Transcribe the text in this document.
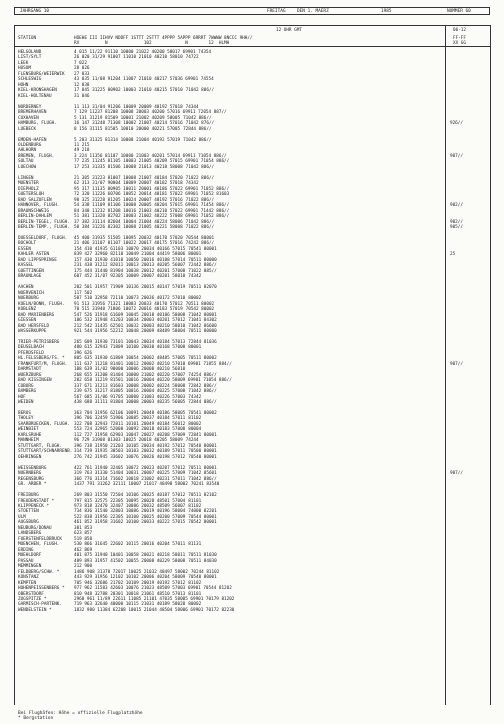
JAHRGANG 10	FREITAG	DEN 1. MAERZ	1985	NUMMER 60
12 UHR GMT	06-12
STATION	HOEHE III IIHVV NDDFF 1STTT 2STTT 4PPPP 5APPP 6RRRT 7WWWW 8NCCC 9HH//
RX          N              102             N        12  HLMH
FF-FF
XX GG
HELGOLAND	4 015 11/22 91110 10000 21022 40200 58017 69901 74354
LIST/SYLT	26 020 31/29 91007 11010 21010 40210 58010 74722
LEEK	7 022
HUSUM	28 026
FLENSBURG/WEIERWIK 27 033
SCHLESWIG	43 035 11/08 91204 11007 21010 40217 57036 69901 74554
HOHN	12 038
KIEL-KRONSHAGEN	17 045 31225 80902 10003 21010 40215 57010 71042 886//
KIEL-HOLTENAU	31 046
NORDERNEY	11 113 31/04 91206 10009 20009 40192 57018 74344
BREMERHAVEN	7 129 11237 81208 10008 20003 40200 57016 69911 72054 887//
CUXHAVEN	5 131 31219 81509 10001 21002 40209 58005 71042 886//
HAMBURG, FLUGH.	16 147 31248 71308 10002 21007 40214 57016 71042 876//	926//
LUEBECK	8 156 31115 81505 10010 20000 40221 57005 72844 886//
EMDEN-HAFEN	5 203 31325 81314 10008 21004 40192 57019 71042 886//
OLDENBURG	11 215
AHLHORN	49 218
BREMEN, FLUGH.	3 224 11356 81107 10000 21003 40201 57014 69911 71054 886//	907//
SOLTAU	77 235 11245 81105 10003 21005 40209 57015 69901 71054 886//
LUECHOW	17 253 31335 81506 10008 21013 40218 58008 71042 886//
LINGEN	21 305 31223 81007 10008 21007 40184 57020 71022 886//
MUENSTER	62 313 31/07 90804 10009 20007 40182 57018 74342
DIEPHOLZ	95 317 11135 80905 10011 20001 40186 57022 69901 71052 886//
GUETERSLOH	72 320 11226 60706 10052 20014 40181 57022 69901 71052 81603
BAD SALZUFLEN	98 325 31228 81205 10024 20007 40192 57016 71022 886//
HANNOVER, FLUGH.	54 338 11109 81106 10008 20005 40204 57015 69901 71454 886//	902//
BRAUNSCHWEIG	84 348 11232 81208 10016 21003 40210 57022 69901 71442 886//
BERLIN-DAHLEM	51 381 11320 82702 10003 21002 40222 57008 69901 71052 886//
BERLIN-TEGEL, FLUGH. 37 382 31114 82604 10004 21004 40224 58006 71042 886//	902//
BERLIN-TEMP., FLUGH. 50 384 31226 82302 10008 21005 40221 58008 71022 886//	905//
DUESSELDORF, FLUGH. 45 400 31935 51505 10095 20032 40170 57020 70544 80001
BOCHOLT	21 406 31107 81107 10022 20017 40175 57016 74242 886//
ESSEN	154 410 41935 61103 10070 20034 40166 57015 70541 80001
KAHLER ASTEN	839 427 32960 82110 10049 21004 44419 58006 80001	25
BAD LIPPSPRINGE	157 430 31930 41010 10050 20016 40188 57014 70511 80000
KASSEL	231 438 31212 82011 10013 20013 40205 56007 72442 886//
GOETTINGEN	175 444 31440 81904 10038 20012 40201 57008 71022 885//
BRAUNLAGE	607 452 31/07 92305 10009 20007 40201 58010 74342
AACHEN	202 501 31957 71909 10136 20015 40147 57019 70511 82070
NOERVENICH	117 502
NUERBURG	507 510 32958 72110 10073 20036 40172 57010 80002
KOELN/BONN, FLUGH. 91 513 31956 71321 10083 20033 40170 57012 70511 80002
KOBLENZ	70 515 31940 71806 10072 20016 40183 57019 70542 80002
BAD MARIENBERG	547 526 31918 61609 10045 20018 40186 58008 71042 80001
GIESSEN	186 532 31948 41203 10034 20003 40201 57012 71041 84302
BAD HERSFELD	212 542 31435 62501 10032 20003 40210 58010 71042 86600
WASSERKUPPE	921 544 31956 52212 10048 20009 48489 58004 70511 80000
TRIER-PETRISBERG	265 609 31930 73101 10043 20034 40184 57013 72844 81036
DEUSELBACH	480 615 32943 71809 10100 20030 40168 57008 80001
PFERDSFELD	396 626
HL.FELSSBERG/FS. * 805 635 31930 61809 10054 20002 48485 57005 70511 80002
FRANKFURT/M, FLUGH. 111 637 11218 81401 10012 20002 40210 57010 69901 71855 884//	907//
DARMSTADT	108 639 31/02 90000 10006 20008 40210 56010
WUERZBURG	268 655 31208 81404 10000 21002 40220 57007 74254 886//
BAD KISSINGEN	282 658 11219 81501 10016 20004 40220 58009 69901 71054 886//
COBURG	337 671 31213 81603 10008 20002 40224 58008 72842 886//
BAMBERG	239 675 31217 81805 10016 20004 40225 57008 71042 886//
HOF	567 685 31/06 91705 10000 21003 40226 57003 74342
WEIDEN	438 688 31111 81804 10008 20003 40235 56005 72844 886//
BERUS	363 704 31956 62106 10091 20048 40186 58005 70541 80002
THOLEY	396 706 32459 51906 10085 20037 40184 57011 81102
SAARBRUECKEN, FLUGH. 322 708 32943 72811 10101 20049 40184 56012 80002
WEINBIET	553 724 32965 52008 10092 20018 40183 57008 80004
KARLSRUHE	112 727 31958 62903 10047 20027 40208 57009 72841 80001
MANNHEIM	96 729 31908 01303 10025 20018 40205 58009 74244
STUTTGART, FLUGH.	396 738 31950 21203 10105 20034 40192 57012 70540 80001
STUTTGART/SCHNARRENB. 314 739 31935 30503 10103 20032 40189 57011 70500 80001
OEHRINGEN	276 742 31945 33602 10076 20026 40198 57012 70540 80001
WEISSENBURG	422 761 31940 32405 10072 20023 40207 57012 70511 80001
NUERNBERG	319 763 31330 51404 10031 20007 40225 57009 71042 85601	907//
REGENSBURG	366 776 31314 71602 10018 21002 40231 57011 71042 886//
GR. ARBER *	1437 791 31262 32111 10007 21017 48498 58002 70241 83540
FREIBURG	269 803 31550 72504 10106 20025 40187 57012 70511 82102
FREUDENSTADT *	797 815 32575 22305 10095 20020 48501 57004 81101
KLIPPENECK *	973 818 32470 32407 10086 20032 48509 56007 81102
STOETTEN	734 836 31540 32803 10086 20019 40196 58004 74000 82201
ULM	522 838 31956 22305 10100 20025 40200 57009 70544 80001
AUGSBURG	461 852 31958 31602 10100 20033 40222 57015 70542 80001
NEUBURG/DONAU	381 853
LANDSBERG	623 857
FUERSTENFELDBRUCK	519 858
MUENCHEN, FLUGH.	530 866 31645 22602 10115 20016 40204 57011 81131
ERDING	462 869
MUEHLDORF	401 875 31940 10401 10058 20021 40218 58011 70511 81030
PASSAU	409 893 31957 41502 10055 20008 40229 58008 70511 84030
MEMMINGEN	212 900
FELDBERG/SCHW. *	1486 908 31378 72017 10025 21032 48497 58002 70244 81102
KONSTANZ	443 929 31956 12102 10102 20006 40204 58009 70540 80001
KEMPTEN	705 946 32686 21702 10109 20019 40192 57012 81102
HOHENPEISSENBERG * 977 962 11583 42603 10076 21023 48509 57003 69901 70544 81202
OBERSTDORF	810 948 32788 20301 10018 21061 48510 57013 81101
ZUGSPITZE *	2960 961 11/89 22611 11085 21101 47035 58005 69901 70179 81202
GARMISCH-PARTENK.	719 963 32640 40000 10115 21031 40189 58020 80002
WENDELSTEIN *	1832 980 11384 62208 10015 21044 48504 58006 69901 70172 82230
Bei Flughäfen: Höhe = offizielle Flugplatzhöhe
* Bergstation
